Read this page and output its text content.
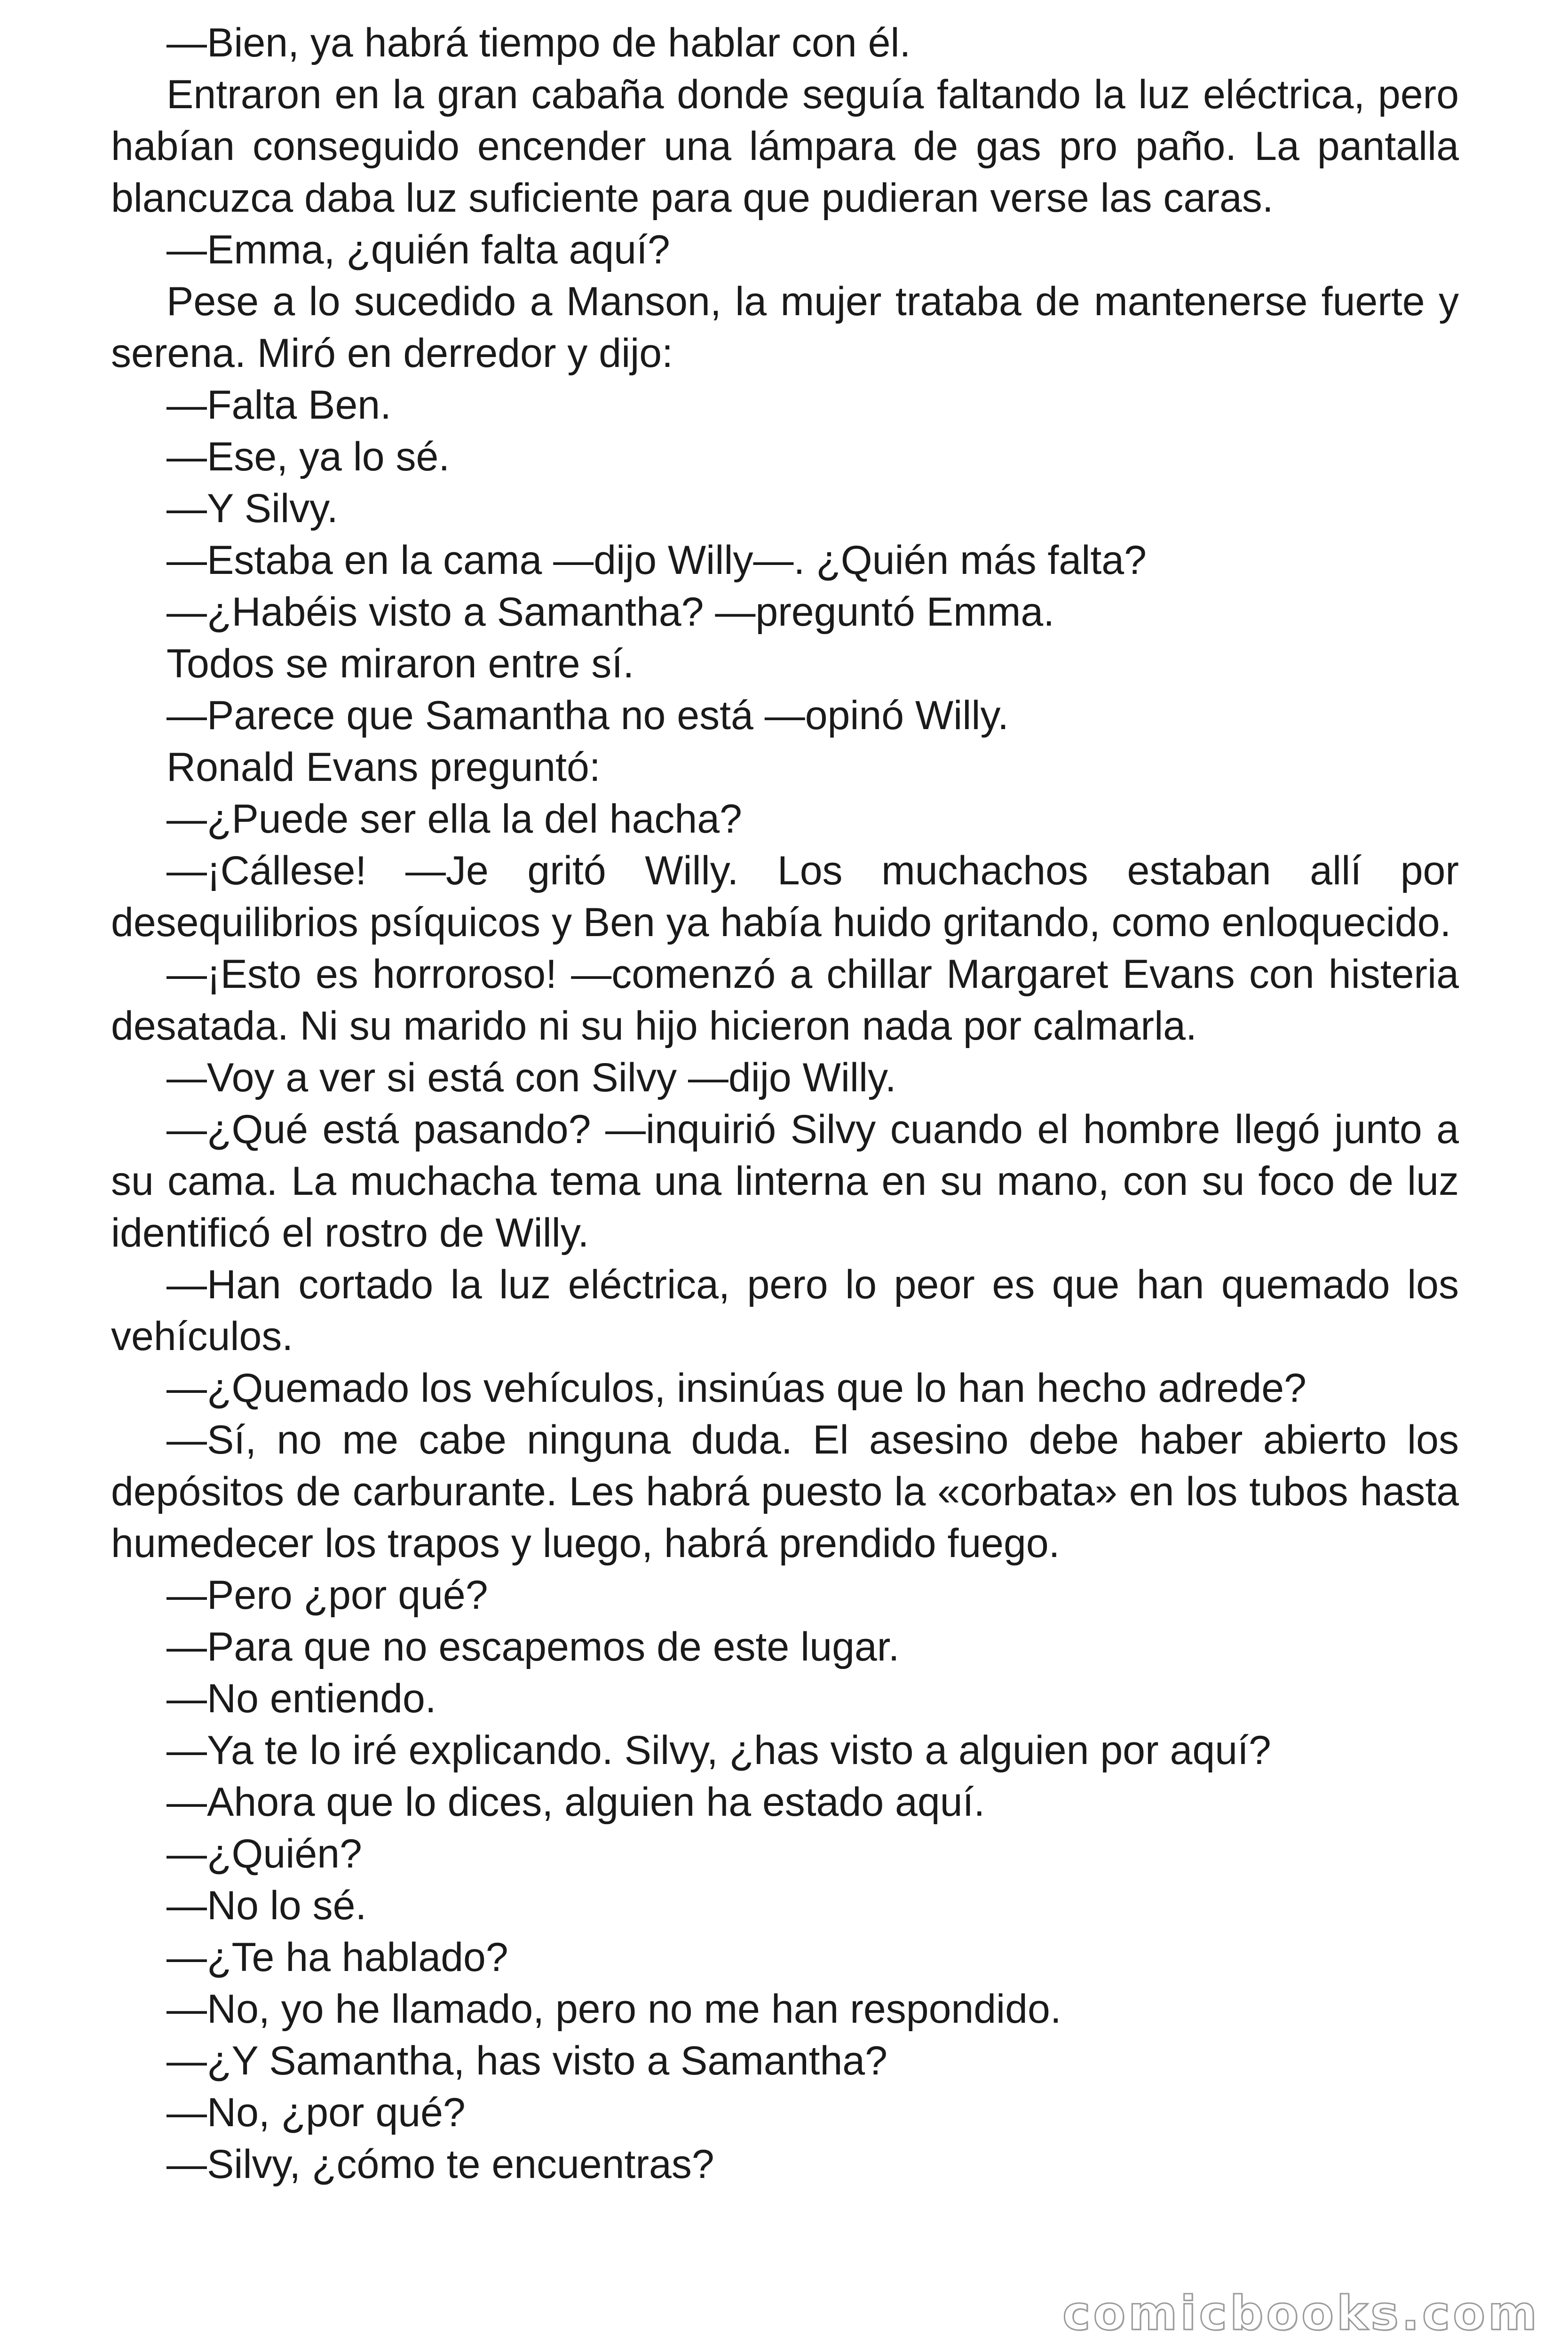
—Bien, ya habrá tiempo de hablar con él.

Entraron en la gran cabaña donde seguía faltando la luz eléctrica, pero habían conseguido encender una lámpara de gas pro paño. La pantalla blancuzca daba luz suficiente para que pudieran verse las caras.

—Emma, ¿quién falta aquí?

Pese a lo sucedido a Manson, la mujer trataba de mantenerse fuerte y serena. Miró en derredor y dijo:

—Falta Ben.

—Ese, ya lo sé.

—Y Silvy.

—Estaba en la cama —dijo Willy—. ¿Quién más falta?

—¿Habéis visto a Samantha? —preguntó Emma.

Todos se miraron entre sí.

—Parece que Samantha no está —opinó Willy.

Ronald Evans preguntó:

—¿Puede ser ella la del hacha?

—¡Cállese! —Je gritó Willy. Los muchachos estaban allí por desequilibrios psíquicos y Ben ya había huido gritando, como enloquecido.

—¡Esto es horroroso! —comenzó a chillar Margaret Evans con histeria desatada. Ni su marido ni su hijo hicieron nada por calmarla.

—Voy a ver si está con Silvy —dijo Willy.

—¿Qué está pasando? —inquirió Silvy cuando el hombre llegó junto a su cama. La muchacha tema una linterna en su mano, con su foco de luz identificó el rostro de Willy.

—Han cortado la luz eléctrica, pero lo peor es que han quemado los vehículos.

—¿Quemado los vehículos, insinúas que lo han hecho adrede?

—Sí, no me cabe ninguna duda. El asesino debe haber abierto los depósitos de carburante. Les habrá puesto la «corbata» en los tubos hasta humedecer los trapos y luego, habrá prendido fuego.

—Pero ¿por qué?

—Para que no escapemos de este lugar.

—No entiendo.

—Ya te lo iré explicando. Silvy, ¿has visto a alguien por aquí?

—Ahora que lo dices, alguien ha estado aquí.

—¿Quién?

—No lo sé.

—¿Te ha hablado?

—No, yo he llamado, pero no me han respondido.

—¿Y Samantha, has visto a Samantha?

—No, ¿por qué?

—Silvy, ¿cómo te encuentras?

comicbooks.com
